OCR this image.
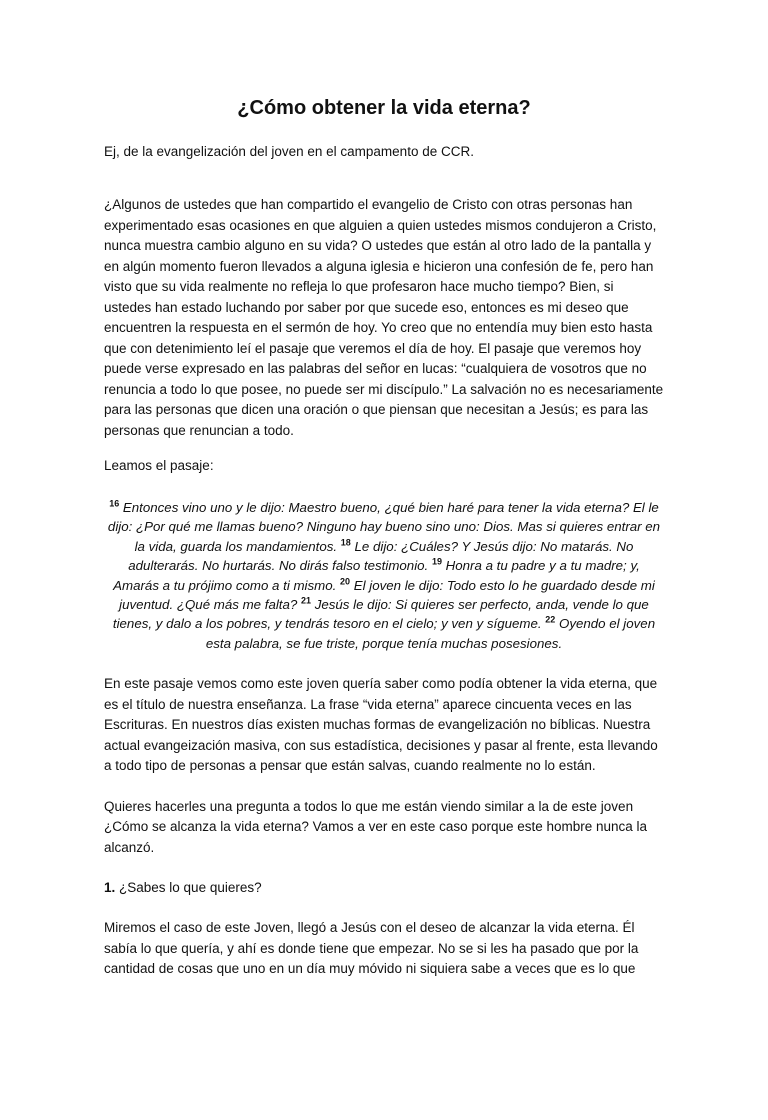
¿Cómo obtener la vida eterna?

Ej, de la evangelización del joven en el campamento de CCR.

¿Algunos de ustedes que han compartido el evangelio de Cristo con otras personas han experimentado esas ocasiones en que alguien a quien ustedes mismos condujeron a Cristo, nunca muestra cambio alguno en su vida? O ustedes que están al otro lado de la pantalla y en algún momento fueron llevados a alguna iglesia e hicieron una confesión de fe, pero han visto que su vida realmente no refleja lo que profesaron hace mucho tiempo? Bien, si ustedes han estado luchando por saber por que sucede eso, entonces es mi deseo que encuentren la respuesta en el sermón de hoy. Yo creo que no entendía muy bien esto hasta que con detenimiento leí el pasaje que veremos el día de hoy. El pasaje que veremos hoy puede verse expresado en las palabras del señor en lucas: “cualquiera de vosotros que no renuncia a todo lo que posee, no puede ser mi discípulo.” La salvación no es necesariamente para las personas que dicen una oración o que piensan que necesitan a Jesús; es para las personas que renuncian a todo.

Leamos el pasaje:

$^{16}$ Entonces vino uno y le dijo: Maestro bueno, ¿qué bien haré para tener la vida eterna? El le dijo: ¿Por qué me llamas bueno? Ninguno hay bueno sino uno: Dios. Mas si quieres entrar en la vida, guarda los mandamientos. $^{18}$ Le dijo: ¿Cuáles? Y Jesús dijo: No matarás. No adulterarás. No hurtarás. No dirás falso testimonio. $^{19}$ Honra a tu padre y a tu madre; y, Amarás a tu prójimo como a ti mismo. $^{20}$ El joven le dijo: Todo esto lo he guardado desde mi juventud. ¿Qué más me falta? $^{21}$ Jesús le dijo: Si quieres ser perfecto, anda, vende lo que tienes, y dalo a los pobres, y tendrás tesoro en el cielo; y ven y sígueme. $^{22}$ Oyendo el joven esta palabra, se fue triste, porque tenía muchas posesiones.

En este pasaje vemos como este joven quería saber como podía obtener la vida eterna, que es el título de nuestra enseñanza. La frase “vida eterna” aparece cincuenta veces en las Escrituras. En nuestros días existen muchas formas de evangelización no bíblicas. Nuestra actual evangeización masiva, con sus estadística, decisiones y pasar al frente, esta llevando a todo tipo de personas a pensar que están salvas, cuando realmente no lo están.

Quieres hacerles una pregunta a todos lo que me están viendo similar a la de este joven ¿Cómo se alcanza la vida eterna? Vamos a ver en este caso porque este hombre nunca la alcanzó.

1. ¿Sabes lo que quieres?

Miremos el caso de este Joven, llegó a Jesús con el deseo de alcanzar la vida eterna. Él sabía lo que quería, y ahí es donde tiene que empezar. No se si les ha pasado que por la cantidad de cosas que uno en un día muy móvido ni siquiera sabe a veces que es lo que
